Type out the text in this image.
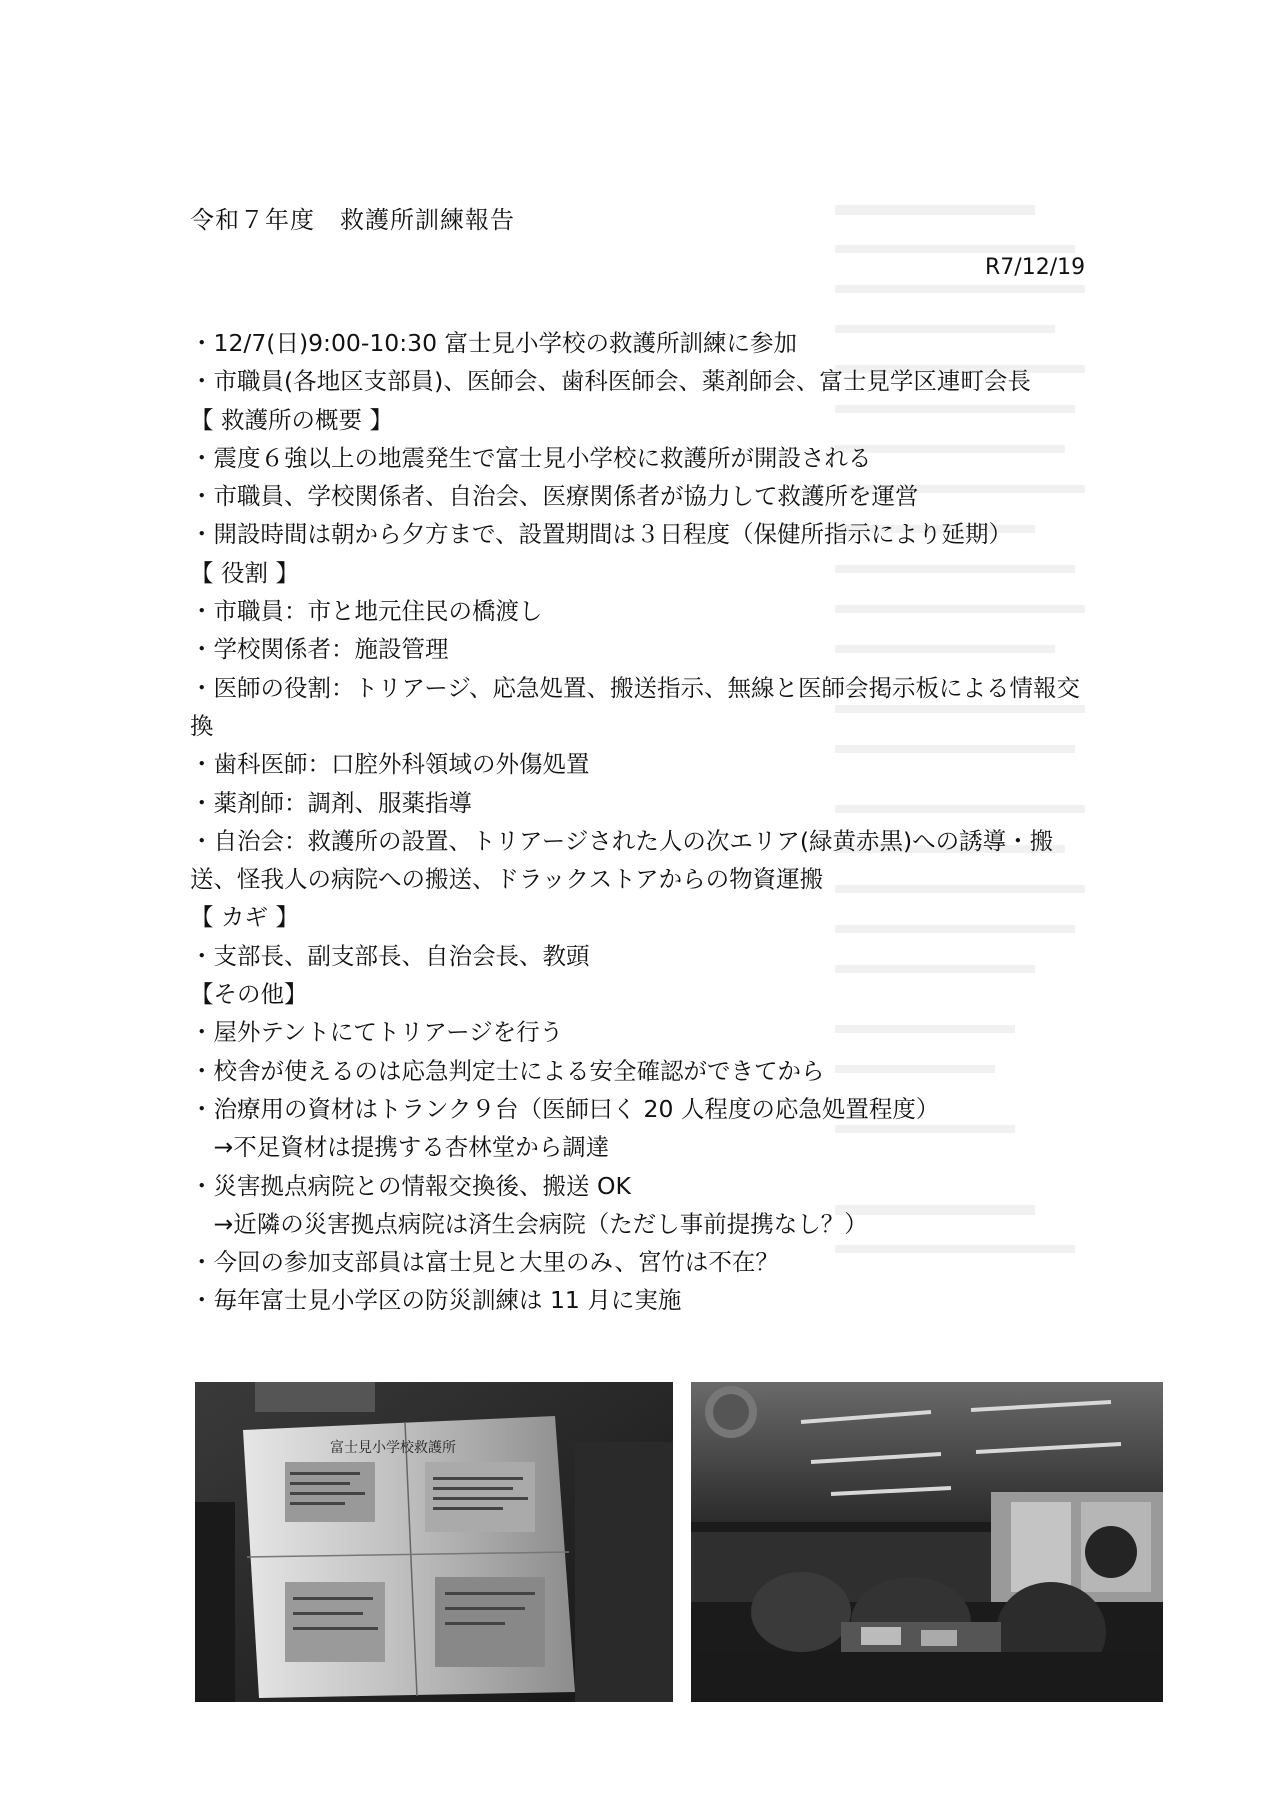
令和７年度　救護所訓練報告
R7/12/19
・12/7(日)9:00-10:30 富士見小学校の救護所訓練に参加
・市職員(各地区支部員)、医師会、歯科医師会、薬剤師会、富士見学区連町会長
【 救護所の概要 】
・震度６強以上の地震発生で富士見小学校に救護所が開設される
・市職員、学校関係者、自治会、医療関係者が協力して救護所を運営
・開設時間は朝から夕方まで、設置期間は３日程度（保健所指示により延期）
【 役割 】
・市職員：市と地元住民の橋渡し
・学校関係者：施設管理
・医師の役割：トリアージ、応急処置、搬送指示、無線と医師会掲示板による情報交換
・歯科医師：口腔外科領域の外傷処置
・薬剤師：調剤、服薬指導
・自治会：救護所の設置、トリアージされた人の次エリア(緑黄赤黒)への誘導・搬送、怪我人の病院への搬送、ドラックストアからの物資運搬
【 カギ 】
・支部長、副支部長、自治会長、教頭
【その他】
・屋外テントにてトリアージを行う
・校舎が使えるのは応急判定士による安全確認ができてから
・治療用の資材はトランク９台（医師曰く 20 人程度の応急処置程度）
　→不足資材は提携する杏林堂から調達
・災害拠点病院との情報交換後、搬送 OK
　→近隣の災害拠点病院は済生会病院（ただし事前提携なし？）
・今回の参加支部員は富士見と大里のみ、宮竹は不在？
・毎年富士見小学区の防災訓練は 11 月に実施
富士見小学校救護所
